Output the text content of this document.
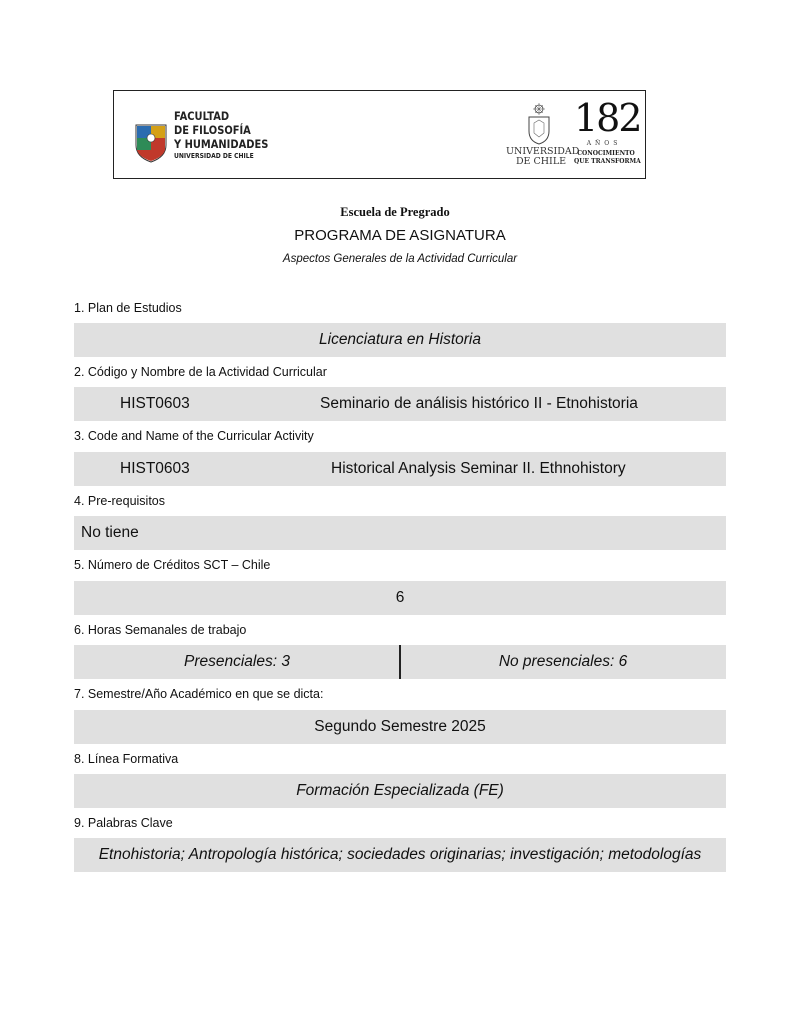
FACULTAD
DE FILOSOFÍA
Y HUMANIDADES
UNIVERSIDAD DE CHILE	UNIVERSIDAD
DE CHILE
182
AÑOS
CONOCIMIENTO
QUE TRANSFORMA
Escuela de Pregrado
PROGRAMA DE ASIGNATURA
Aspectos Generales de la Actividad Curricular
1. Plan de Estudios
Licenciatura en Historia
2. Código y Nombre de la Actividad Curricular
HIST0603	Seminario de análisis histórico II - Etnohistoria
3. Code and Name of the Curricular Activity
HIST0603	Historical Analysis Seminar II. Ethnohistory
4. Pre-requisitos
No tiene
5. Número de Créditos SCT – Chile
6
6. Horas Semanales de trabajo
Presenciales: 3	No presenciales: 6
7. Semestre/Año Académico en que se dicta:
Segundo Semestre 2025
8. Línea Formativa
Formación Especializada (FE)
9. Palabras Clave
Etnohistoria; Antropología histórica; sociedades originarias; investigación; metodologías
